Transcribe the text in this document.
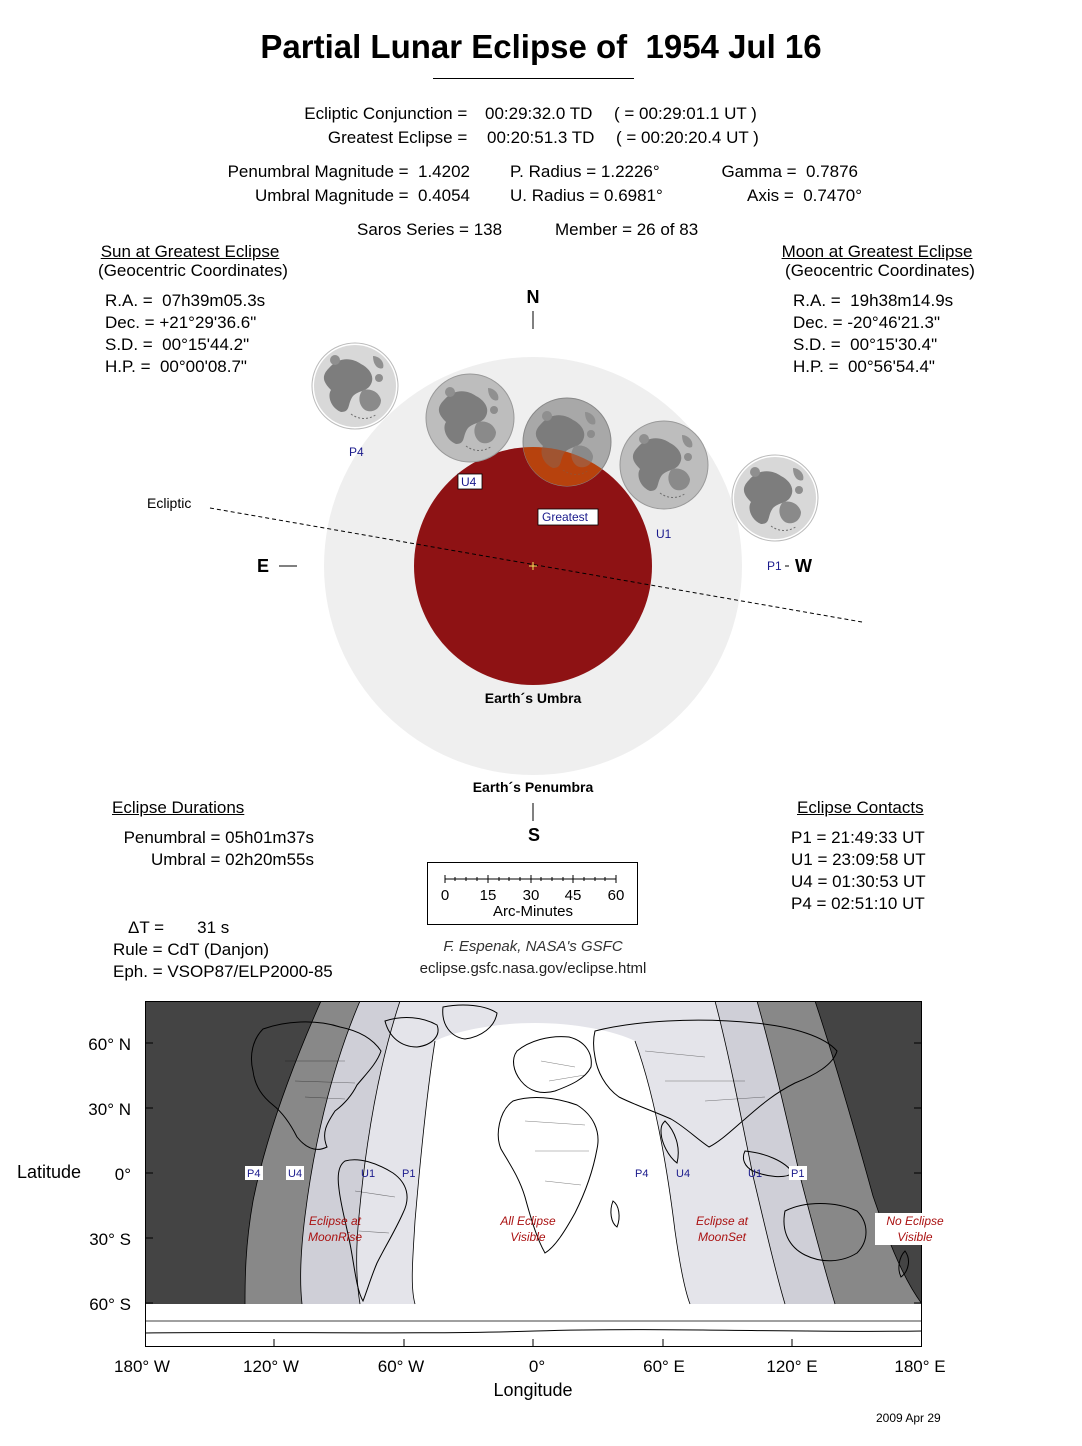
Partial Lunar Eclipse of  1954 Jul 16
Ecliptic Conjunction = 00:29:32.0 TD ( = 00:29:01.1 UT )
Greatest Eclipse = 00:20:51.3 TD ( = 00:20:20.4 UT )
Penumbral Magnitude =  1.4202
Umbral Magnitude =  0.4054
P. Radius = 1.2226°
U. Radius = 0.6981°
Gamma =  0.7876
Axis =  0.7470°
Saros Series = 138	Member = 26 of 83
Sun at Greatest Eclipse
(Geocentric Coordinates)
R.A. =  07h39m05.3s
Dec. = +21°29'36.6"
S.D. =  00°15'44.2"
H.P. =  00°00'08.7"
Moon at Greatest Eclipse
(Geocentric Coordinates)
R.A. =  19h38m14.9s
Dec. = -20°46'21.3"
S.D. =  00°15'30.4"
H.P. =  00°56'54.4"
P4
U4
Greatest
U1
P1
N
S
E	W
Ecliptic
Earth´s Umbra
Earth´s Penumbra
Eclipse Durations
Penumbral = 05h01m37s
Umbral = 02h20m55s
Eclipse Contacts
P1 = 21:49:33 UT
U1 = 23:09:58 UT
U4 = 01:30:53 UT
P4 = 02:51:10 UT
0 15 30 45 60
Arc-Minutes
ΔT =       31 s
Rule = CdT (Danjon)
Eph. = VSOP87/ELP2000-85
F. Espenak, NASA's GSFC
eclipse.gsfc.nasa.gov/eclipse.html
P4	U4	U1 P1	P4	U4	U1	P1
Eclipse at
MoonRise
All Eclipse
Visible
Eclipse at
MoonSet
No Eclipse
Visible
60° N
30° N
0°
30° S
60° S
Latitude
180° W	120° W	60° W	0°	60° E	120° E	180° E
Longitude
2009 Apr 29
